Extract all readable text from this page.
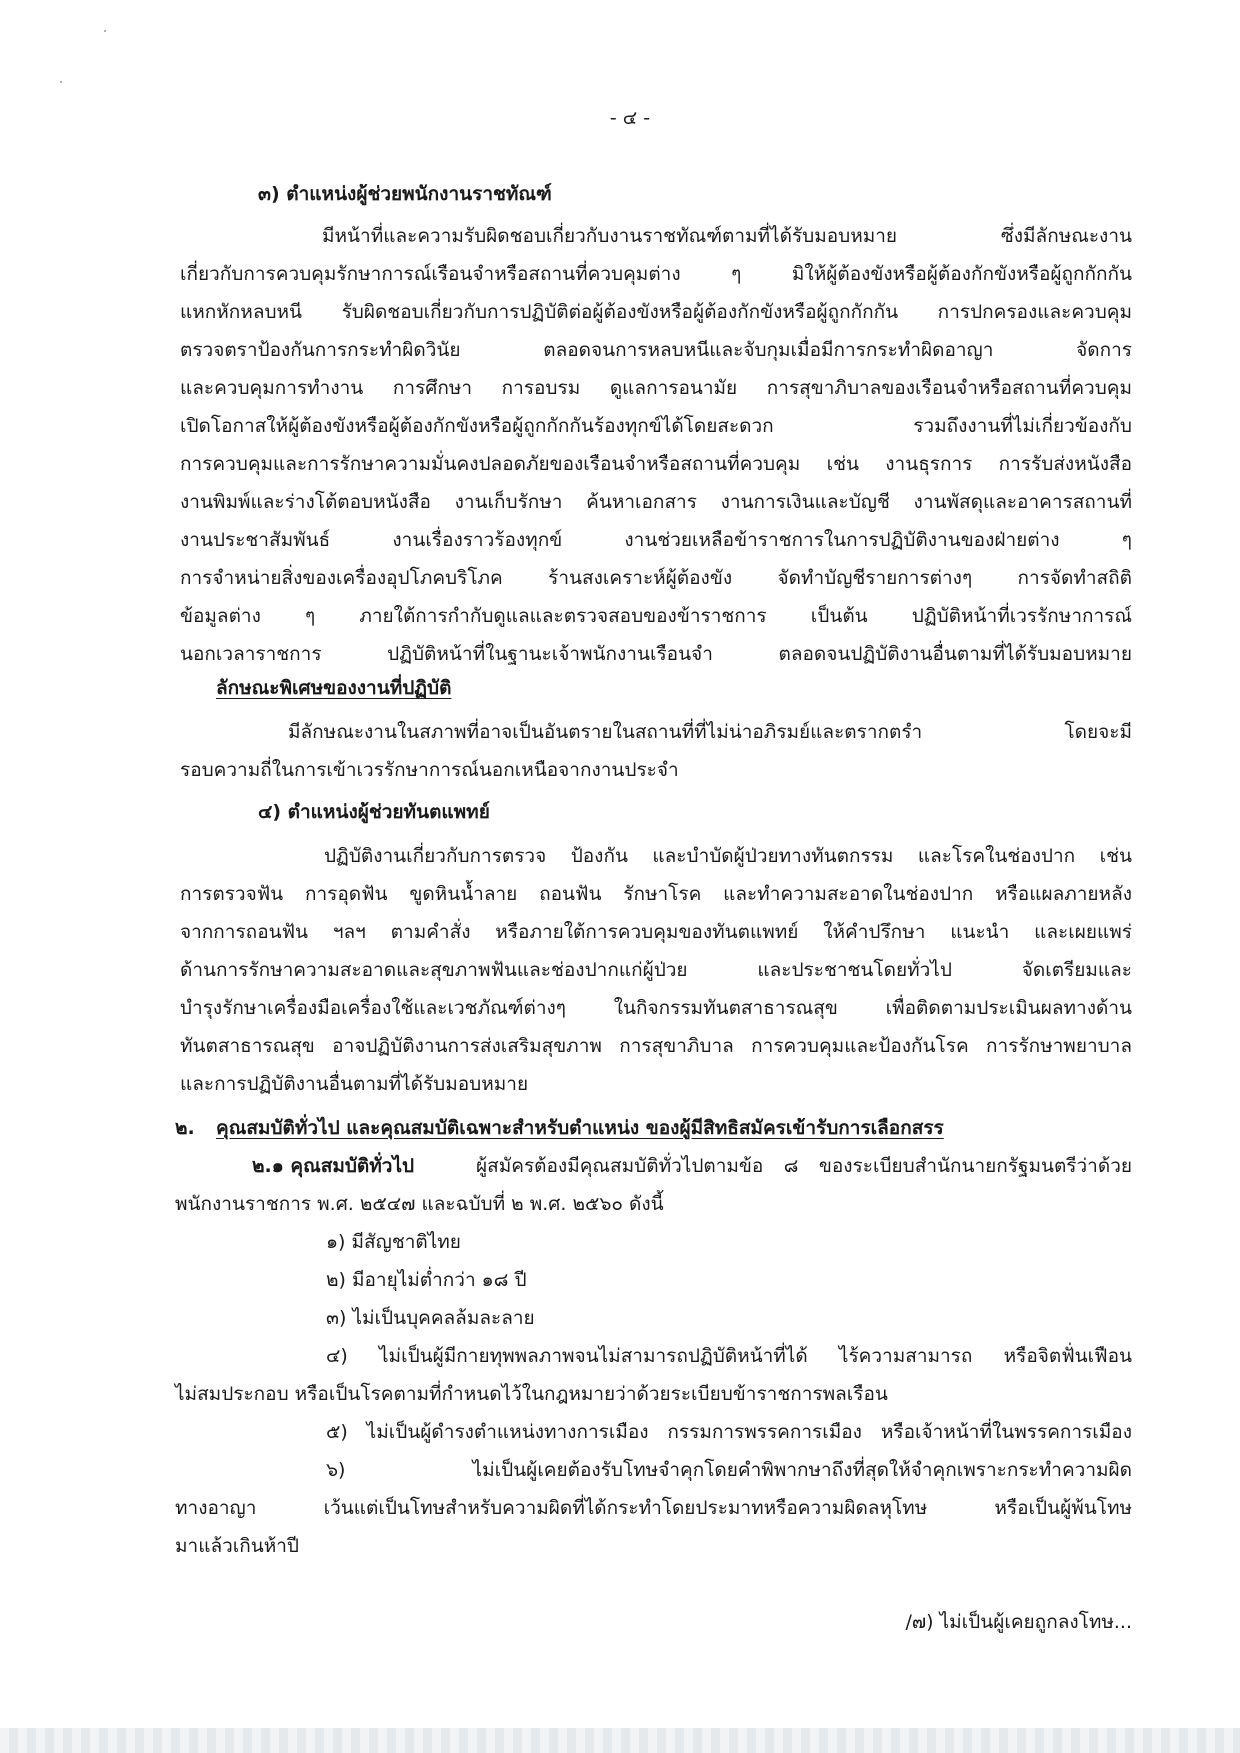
- ๔ -
๓) ตำแหน่งผู้ช่วยพนักงานราชทัณฑ์
มีหน้าที่และความรับผิดชอบเกี่ยวกับงานราชทัณฑ์ตามที่ได้รับมอบหมาย ซึ่งมีลักษณะงาน
เกี่ยวกับการควบคุมรักษาการณ์เรือนจำหรือสถานที่ควบคุมต่าง ๆ มิให้ผู้ต้องขังหรือผู้ต้องกักขังหรือผู้ถูกกักกัน
แหกหักหลบหนี รับผิดชอบเกี่ยวกับการปฏิบัติต่อผู้ต้องขังหรือผู้ต้องกักขังหรือผู้ถูกกักกัน การปกครองและควบคุม
ตรวจตราป้องกันการกระทำผิดวินัย ตลอดจนการหลบหนีและจับกุมเมื่อมีการกระทำผิดอาญา จัดการ
และควบคุมการทำงาน การศึกษา การอบรม ดูแลการอนามัย การสุขาภิบาลของเรือนจำหรือสถานที่ควบคุม
เปิดโอกาสให้ผู้ต้องขังหรือผู้ต้องกักขังหรือผู้ถูกกักกันร้องทุกข์ได้โดยสะดวก รวมถึงงานที่ไม่เกี่ยวข้องกับ
การควบคุมและการรักษาความมั่นคงปลอดภัยของเรือนจำหรือสถานที่ควบคุม เช่น งานธุรการ การรับส่งหนังสือ
งานพิมพ์และร่างโต้ตอบหนังสือ งานเก็บรักษา ค้นหาเอกสาร งานการเงินและบัญชี งานพัสดุและอาคารสถานที่
งานประชาสัมพันธ์ งานเรื่องราวร้องทุกข์ งานช่วยเหลือข้าราชการในการปฏิบัติงานของฝ่ายต่าง ๆ
การจำหน่ายสิ่งของเครื่องอุปโภคบริโภค ร้านสงเคราะห์ผู้ต้องขัง จัดทำบัญชีรายการต่างๆ การจัดทำสถิติ
ข้อมูลต่าง ๆ ภายใต้การกำกับดูแลและตรวจสอบของข้าราชการ เป็นต้น ปฏิบัติหน้าที่เวรรักษาการณ์
นอกเวลาราชการ ปฏิบัติหน้าที่ในฐานะเจ้าพนักงานเรือนจำ ตลอดจนปฏิบัติงานอื่นตามที่ได้รับมอบหมาย
ลักษณะพิเศษของงานที่ปฏิบัติ
มีลักษณะงานในสภาพที่อาจเป็นอันตรายในสถานที่ที่ไม่น่าอภิรมย์และตรากตรำ โดยจะมี
รอบความถี่ในการเข้าเวรรักษาการณ์นอกเหนือจากงานประจำ
๔) ตำแหน่งผู้ช่วยทันตแพทย์
ปฏิบัติงานเกี่ยวกับการตรวจ ป้องกัน และบำบัดผู้ป่วยทางทันตกรรม และโรคในช่องปาก เช่น
การตรวจฟัน การอุดฟัน ขูดหินน้ำลาย ถอนฟัน รักษาโรค และทำความสะอาดในช่องปาก หรือแผลภายหลัง
จากการถอนฟัน ฯลฯ ตามคำสั่ง หรือภายใต้การควบคุมของทันตแพทย์ ให้คำปรึกษา แนะนำ และเผยแพร่
ด้านการรักษาความสะอาดและสุขภาพฟันและช่องปากแก่ผู้ป่วย และประชาชนโดยทั่วไป จัดเตรียมและ
บำรุงรักษาเครื่องมือเครื่องใช้และเวชภัณฑ์ต่างๆ ในกิจกรรมทันตสาธารณสุข เพื่อติดตามประเมินผลทางด้าน
ทันตสาธารณสุข อาจปฏิบัติงานการส่งเสริมสุขภาพ การสุขาภิบาล การควบคุมและป้องกันโรค การรักษาพยาบาล
และการปฏิบัติงานอื่นตามที่ได้รับมอบหมาย
๒. คุณสมบัติทั่วไป และคุณสมบัติเฉพาะสำหรับตำแหน่ง ของผู้มีสิทธิสมัครเข้ารับการเลือกสรร
๒.๑ คุณสมบัติทั่วไป	ผู้สมัครต้องมีคุณสมบัติทั่วไปตามข้อ ๘ ของระเบียบสำนักนายกรัฐมนตรีว่าด้วย
พนักงานราชการ พ.ศ. ๒๕๔๗ และฉบับที่ ๒ พ.ศ. ๒๕๖๐ ดังนี้
๑) มีสัญชาติไทย
๒) มีอายุไม่ต่ำกว่า ๑๘ ปี
๓) ไม่เป็นบุคคลล้มละลาย
๔) ไม่เป็นผู้มีกายทุพพลภาพจนไม่สามารถปฏิบัติหน้าที่ได้ ไร้ความสามารถ หรือจิตฟั่นเฟือน
ไม่สมประกอบ หรือเป็นโรคตามที่กำหนดไว้ในกฎหมายว่าด้วยระเบียบข้าราชการพลเรือน
๕) ไม่เป็นผู้ดำรงตำแหน่งทางการเมือง กรรมการพรรคการเมือง หรือเจ้าหน้าที่ในพรรคการเมือง
๖) ไม่เป็นผู้เคยต้องรับโทษจำคุกโดยคำพิพากษาถึงที่สุดให้จำคุกเพราะกระทำความผิด
ทางอาญา เว้นแต่เป็นโทษสำหรับความผิดที่ได้กระทำโดยประมาทหรือความผิดลหุโทษ หรือเป็นผู้พ้นโทษ
มาแล้วเกินห้าปี
/๗) ไม่เป็นผู้เคยถูกลงโทษ...
